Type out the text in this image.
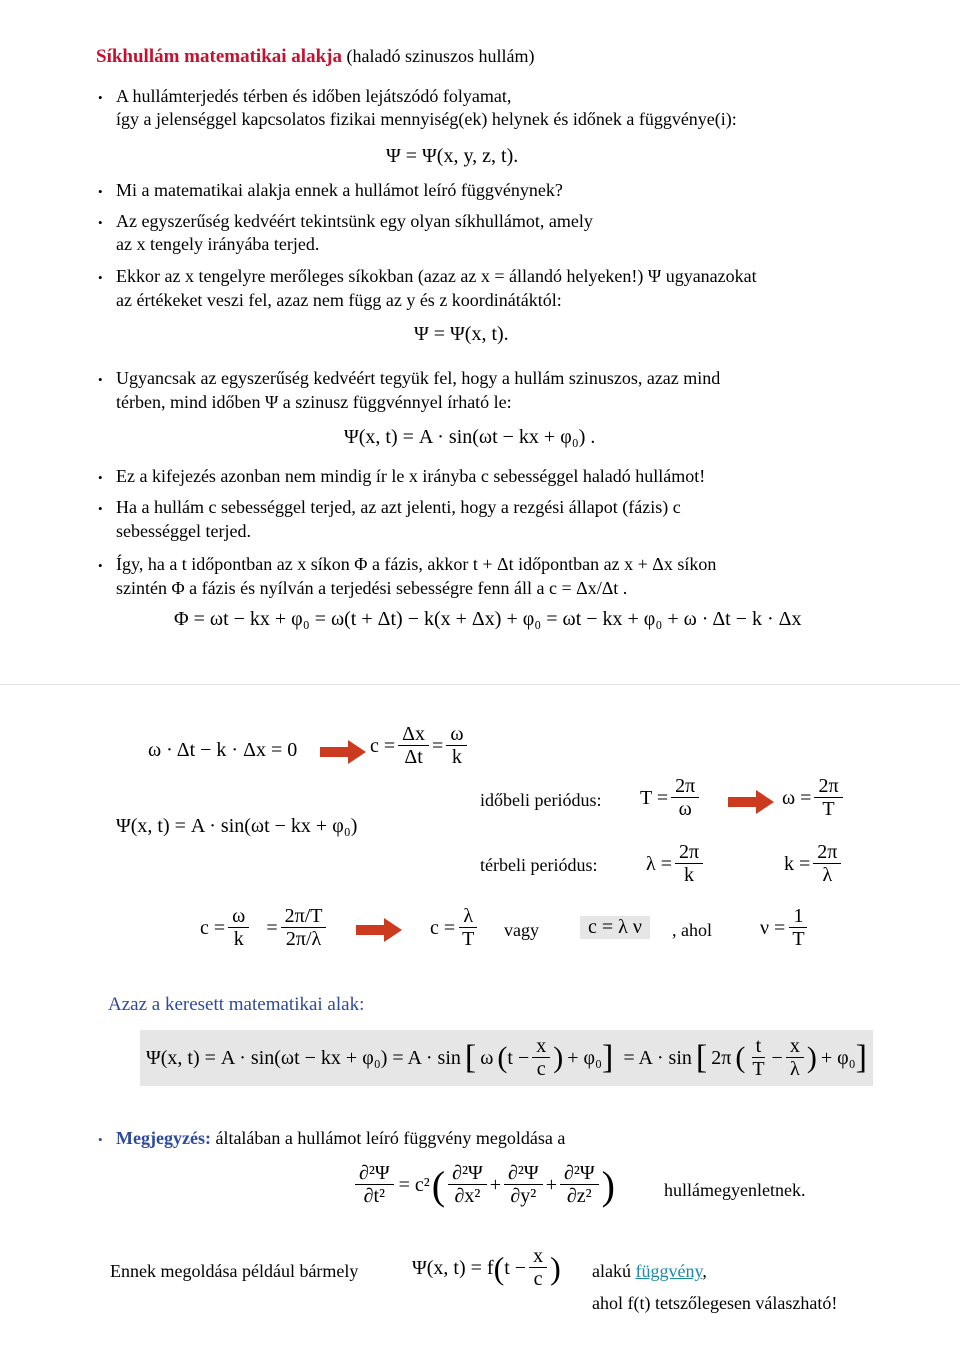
Síkhullám matematikai alakja (haladó szinuszos hullám)
• A hullámterjedés térben és időben lejátszódó folyamat,
így a jelenséggel kapcsolatos fizikai mennyiség(ek) helynek és időnek a függvénye(i):
Ψ = Ψ(x, y, z, t).
• Mi a matematikai alakja ennek a hullámot leíró függvénynek?
• Az egyszerűség kedvéért tekintsünk egy olyan síkhullámot, amely
az x tengely irányába terjed.
• Ekkor az x tengelyre merőleges síkokban (azaz az x = állandó helyeken!) Ψ ugyanazokat
az értékeket veszi fel, azaz nem függ az y és z koordinátáktól:
Ψ = Ψ(x, t).
• Ugyancsak az egyszerűség kedvéért tegyük fel, hogy a hullám szinuszos, azaz mind
térben, mind időben Ψ a szinusz függvénnyel írható le:
Ψ(x, t) = A · sin(ωt − kx + φ₀) .
• Ez a kifejezés azonban nem mindig ír le x irányba c sebességgel haladó hullámot!
• Ha a hullám c sebességgel terjed, az azt jelenti, hogy a rezgési állapot (fázis) c
sebességgel terjed.
• Így, ha a t időpontban az x síkon Φ a fázis, akkor t + Δt időpontban az x + Δx síkon
szintén Φ a fázis és nyílván a terjedési sebességre fenn áll a c = Δx/Δt .
Φ = ωt − kx + φ₀ = ω(t + Δt) − k(x + Δx) + φ₀ = ωt − kx + φ₀ + ω · Δt − k · Δx
ω · Δt − k · Δx = 0	$c = \frac{\Delta x}{\Delta t} = \frac{\omega}{k}$
Ψ(x, t) = A · sin(ωt − kx + φ₀)
időbeli periódus: $T = \frac{2\pi}{\omega}$	$\omega = \frac{2\pi}{T}$
térbeli periódus: $\lambda = \frac{2\pi}{k}$	$k = \frac{2\pi}{\lambda}$
$c = \frac{\omega}{k} = \frac{2\pi/T}{2\pi/\lambda}$	$c = \frac{\lambda}{T}$ vagy	c = λ ν	, ahol $\nu = \frac{1}{T}$
Azaz a keresett matematikai alak:
Ψ(x, t) = A · sin(ωt − kx + φ₀) = A · sin [ ω ( $t - \frac{x}{c}$ ) + φ₀ ] = A · sin [ 2π ( $\frac{t}{T} - \frac{x}{\lambda}$ ) + φ₀ ]
• Megjegyzés: általában a hullámot leíró függvény megoldása a
$\frac{\text{∂²Ψ}}{\text{∂t²}} = c^2$ ( $\frac{\text{∂²Ψ}}{\text{∂x²}} + \frac{\text{∂²Ψ}}{\text{∂y²}} + \frac{\text{∂²Ψ}}{\text{∂z²}}$ )	hullámegyenletnek.
Ennek megoldása például bármely	Ψ(x, t) = f ( $t - \frac{x}{c}$ ) alakú függvény,
ahol f(t) tetszőlegesen válaszható!
